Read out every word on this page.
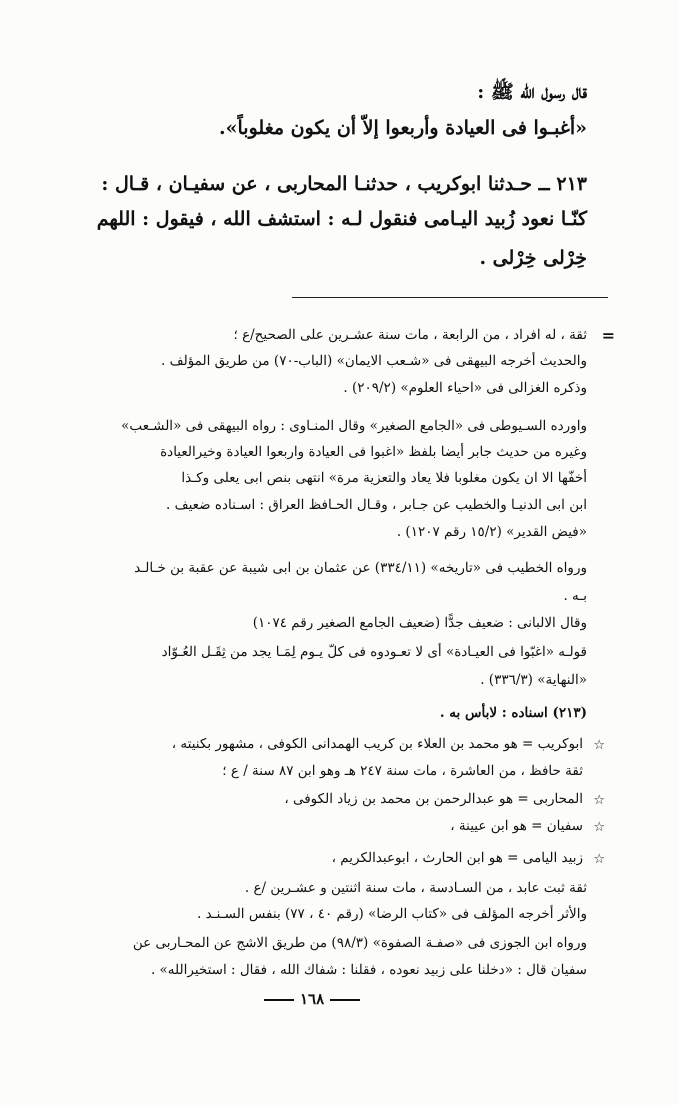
قال رسول الله ﷺ :
«أغبـوا فى العيادة وأربعوا إلاّ أن يكون مغلوباً».
٢١٣ ــ حـدثنا ابوكريب ، حدثنـا المحاربى ، عن سفيـان ، قـال :
كنّـا نعود زُبيد اليـامى فنقول لـه : استشف الله ، فيقول : اللهم
خِرْلى خِرْلى .
=
ثقة ، له افراد ، من الرابعة ، مات سنة عشـرين على الصحيح/ع ؛
والحديث أخرجه البيهقى فى «شـعب الايمان» (الباب-٧٠) من طريق المؤلف .
وذكره الغزالى فى «احياء العلوم» (٢٠٩/٢) .
واورده السـيوطى فى «الجامع الصغير» وقال المنـاوى : رواه البيهقى فى «الشـعب»
وغيره من حديث جابر أيضا بلفظ «اغبوا فى العيادة واربعوا العيادة وخيرالعيادة
أخفّها الا ان يكون مغلوبا فلا يعاد والتعزية مرة» انتهى بنص ابى يعلى وكـذا
ابن ابى الدنيـا والخطيب عن جـابر ، وقـال الحـافظ العراق : اسـناده ضعيف .
«فيض القدير» (١٥/٢ رقم ١٢٠٧) .
ورواه الخطيب فى «تاريخه» (٣٣٤/١١) عن عثمان بن ابى شيبة عن عقبة بن خـالـد
بـه .
وقال الالبانى : ضعيف جدًّا (ضعيف الجامع الصغير رقم ١٠٧٤)
قولـه «اغبّوا فى العيـادة» أى لا تعـودوه فى كلّ يـوم لِمَـا يجد من ثِقَـل العُـوّاد
«النهاية» (٣٣٦/٣) .
(٢١٣) اسناده : لابأس به .
☆
ابوكريب = هو محمد بن العلاء بن كريب الهمدانى الكوفى ، مشهور بكنيته ،
ثقة حافظ ، من العاشرة ، مات سنة ٢٤٧ هـ وهو ابن ٨٧ سنة / ع ؛
☆
المحاربى = هو عبدالرحمن بن محمد بن زياد الكوفى ،
☆
سفيان = هو ابن عيينة ،
☆
زبيد اليامى = هو ابن الحارث ، ابوعبدالكريم ،
ثقة ثبت عابد ، من السـادسة ، مات سنة اثنتين و عشـرين /ع .
والأثر أخرجه المؤلف فى «كتاب الرضا» (رقم ٤٠ ، ٧٧) بنفس السـنـد .
ورواه ابن الجوزى فى «صفـة الصفوة» (٩٨/٣) من طريق الاشج عن المحـاربى عن
سفيان قال : «دخلنا على زبيد نعوده ، فقلنا : شفاك الله ، فقال : استخيرالله» .
١٦٨
